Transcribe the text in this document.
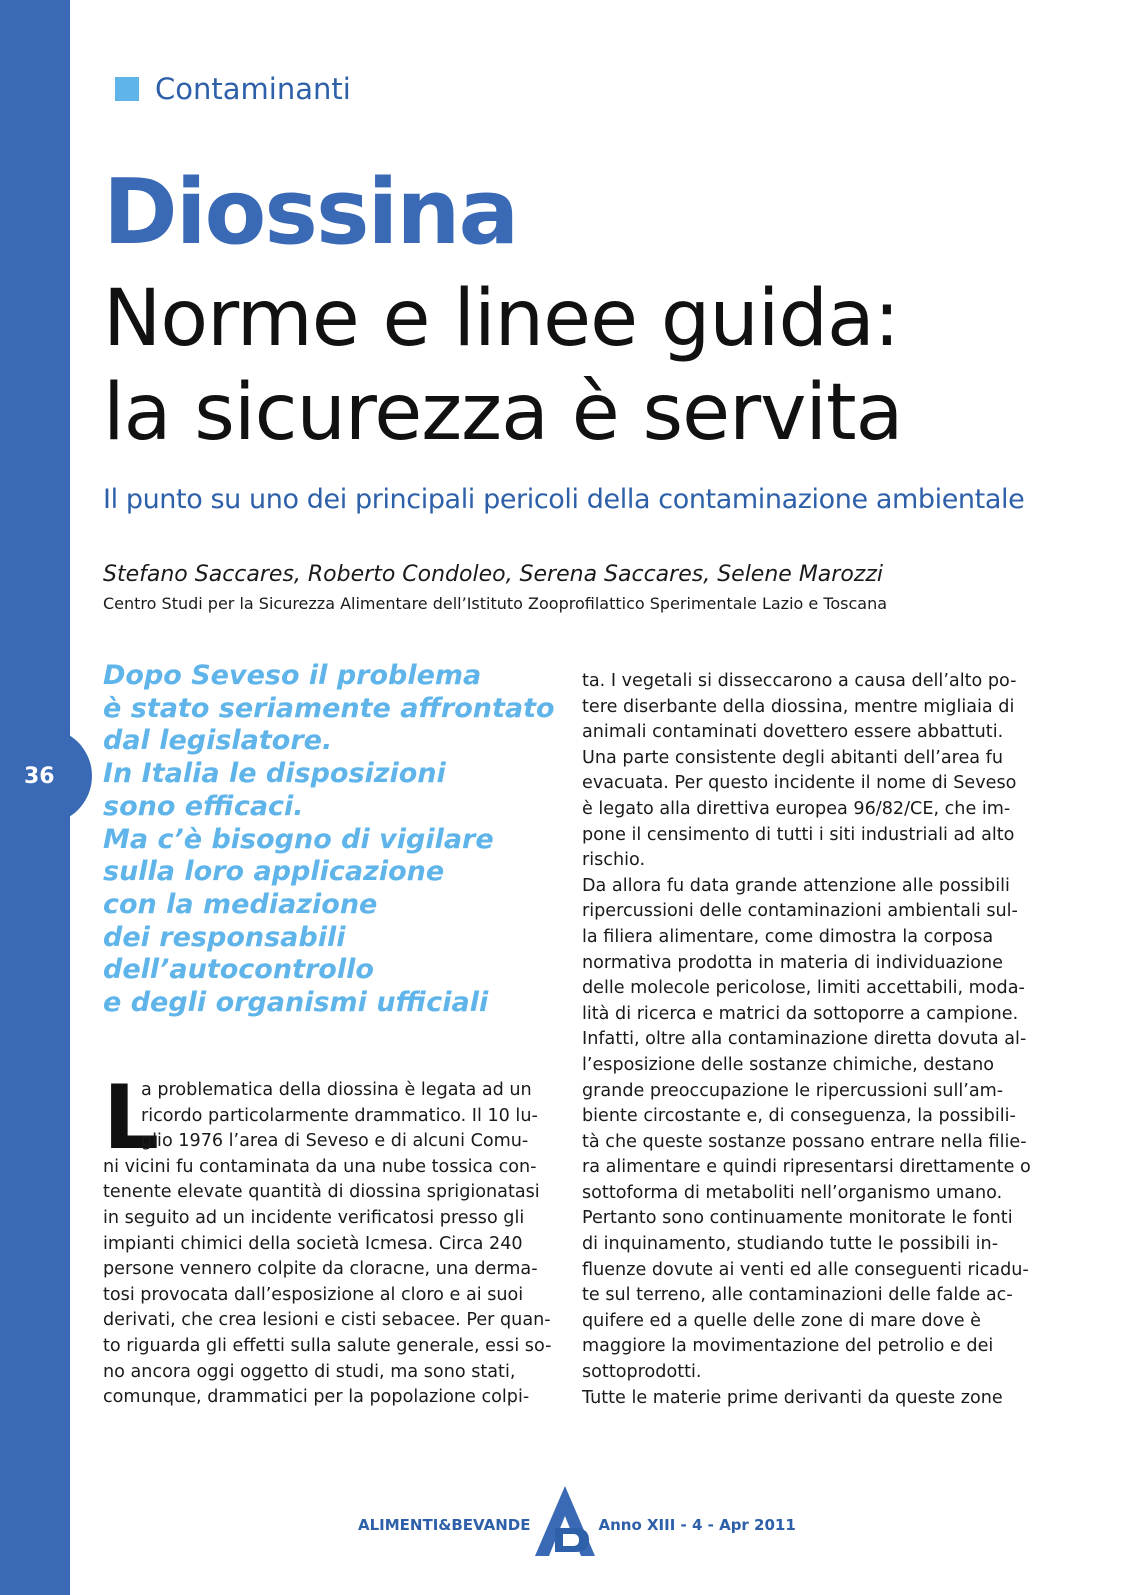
36
Contaminanti
Diossina
Norme e linee guida:
la sicurezza è servita
Il punto su uno dei principali pericoli della contaminazione ambientale
Stefano Saccares, Roberto Condoleo, Serena Saccares, Selene Marozzi
Centro Studi per la Sicurezza Alimentare dell’Istituto Zooprofilattico Sperimentale Lazio e Toscana
Dopo Seveso il problema
è stato seriamente affrontato
dal legislatore.
In Italia le disposizioni
sono efficaci.
Ma c’è bisogno di vigilare
sulla loro applicazione
con la mediazione
dei responsabili
dell’autocontrollo
e degli organismi ufficiali
L
a problematica della diossina è legata ad un
ricordo particolarmente drammatico. Il 10 lu-
glio 1976 l’area di Seveso e di alcuni Comu-
ni vicini fu contaminata da una nube tossica con-
tenente elevate quantità di diossina sprigionatasi
in seguito ad un incidente verificatosi presso gli
impianti chimici della società Icmesa. Circa 240
persone vennero colpite da cloracne, una derma-
tosi provocata dall’esposizione al cloro e ai suoi
derivati, che crea lesioni e cisti sebacee. Per quan-
to riguarda gli effetti sulla salute generale, essi so-
no ancora oggi oggetto di studi, ma sono stati,
comunque, drammatici per la popolazione colpi-
ta. I vegetali si disseccarono a causa dell’alto po-
tere diserbante della diossina, mentre migliaia di
animali contaminati dovettero essere abbattuti.
Una parte consistente degli abitanti dell’area fu
evacuata. Per questo incidente il nome di Seveso
è legato alla direttiva europea 96/82/CE, che im-
pone il censimento di tutti i siti industriali ad alto
rischio.
Da allora fu data grande attenzione alle possibili
ripercussioni delle contaminazioni ambientali sul-
la filiera alimentare, come dimostra la corposa
normativa prodotta in materia di individuazione
delle molecole pericolose, limiti accettabili, moda-
lità di ricerca e matrici da sottoporre a campione.
Infatti, oltre alla contaminazione diretta dovuta al-
l’esposizione delle sostanze chimiche, destano
grande preoccupazione le ripercussioni sull’am-
biente circostante e, di conseguenza, la possibili-
tà che queste sostanze possano entrare nella filie-
ra alimentare e quindi ripresentarsi direttamente o
sottoforma di metaboliti nell’organismo umano.
Pertanto sono continuamente monitorate le fonti
di inquinamento, studiando tutte le possibili in-
fluenze dovute ai venti ed alle conseguenti ricadu-
te sul terreno, alle contaminazioni delle falde ac-
quifere ed a quelle delle zone di mare dove è
maggiore la movimentazione del petrolio e dei
sottoprodotti.
Tutte le materie prime derivanti da queste zone
ALIMENTI&BEVANDE	Anno XIII - 4 - Apr 2011
